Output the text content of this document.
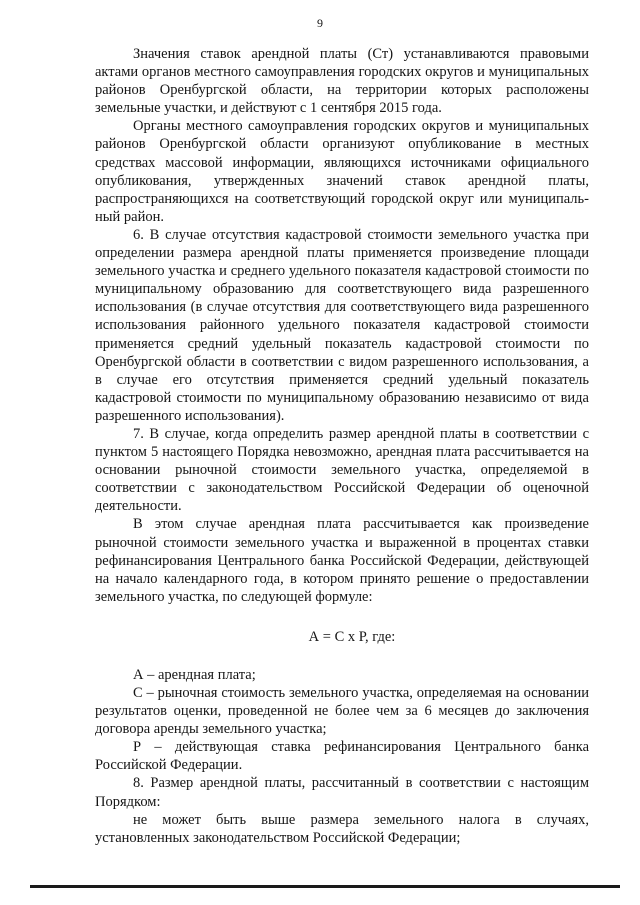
9

Значения ставок арендной платы (Ст) устанавливаются правовыми актами органов местного самоуправления городских округов и муниципальных районов Оренбургской области, на территории которых расположены земельные участки, и действуют с 1 сентября 2015 года.

Органы местного самоуправления городских округов и муниципальных районов Оренбургской области организуют опубликование в местных средствах массовой информации, являющихся источниками официального опубликования, утвержденных значений ставок арендной платы, распространяющихся на соответствующий городской округ или муниципальный район.

6. В случае отсутствия кадастровой стоимости земельного участка при определении размера арендной платы применяется произведение площади земельного участка и среднего удельного показателя кадастровой стоимости по муниципальному образованию для соответствующего вида разрешенного использования (в случае отсутствия для соответствующего вида разрешенного использования районного удельного показателя кадастровой стоимости применяется средний удельный показатель кадастровой стоимости по Оренбургской области в соответствии с видом разрешенного использования, а в случае его отсутствия применяется средний удельный показатель кадастровой стоимости по муниципальному образованию независимо от вида разрешенного использования).

7. В случае, когда определить размер арендной платы в соответствии с пунктом 5 настоящего Порядка невозможно, арендная плата рассчитывается на основании рыночной стоимости земельного участка, определяемой в соответствии с законодательством Российской Федерации об оценочной деятельности.

В этом случае арендная плата рассчитывается как произведение рыночной стоимости земельного участка и выраженной в процентах ставки рефинансирования Центрального банка Российской Федерации, действующей на начало календарного года, в котором принято решение о предоставлении земельного участка, по следующей формуле:

А = С х Р, где:

А – арендная плата;

С – рыночная стоимость земельного участка, определяемая на основании результатов оценки, проведенной не более чем за 6 месяцев до заключения договора аренды земельного участка;

Р – действующая ставка рефинансирования Центрального банка Российской Федерации.

8. Размер арендной платы, рассчитанный в соответствии с настоящим Порядком:

не может быть выше размера земельного налога в случаях, установленных законодательством Российской Федерации;
